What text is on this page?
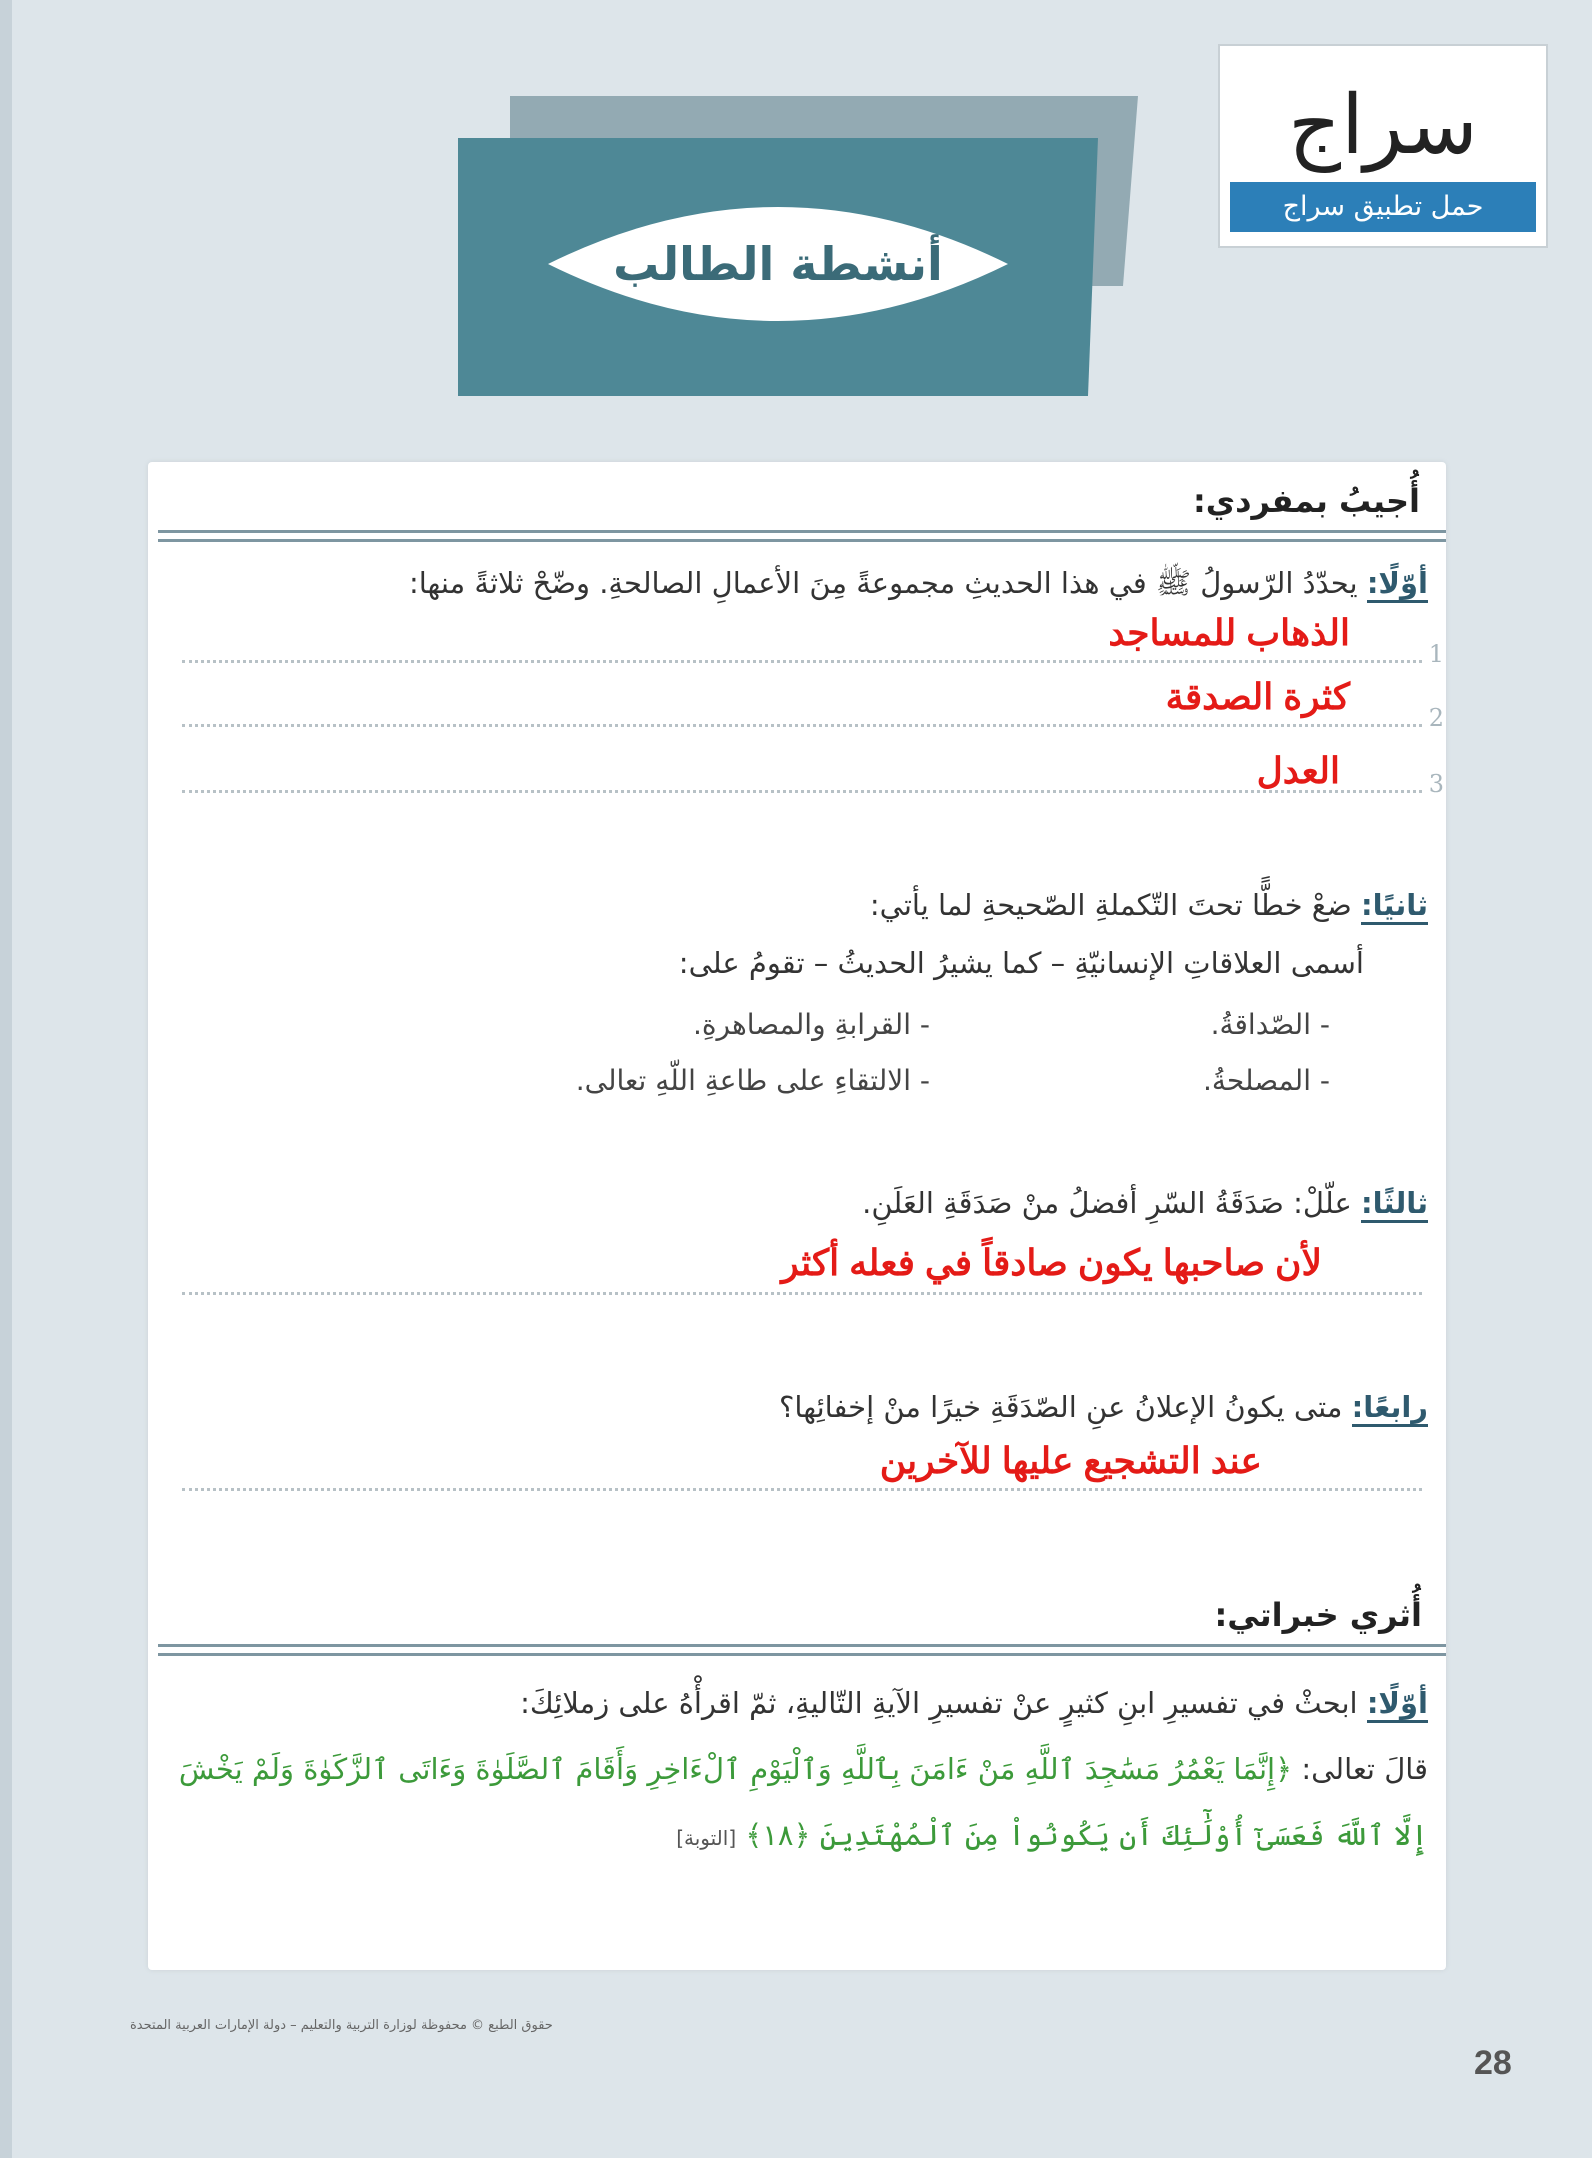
سراج
حمل تطبيق سراج
أنشطة الطالب
أُجيبُ بمفردي:
أوّلًا: يحدّدُ الرّسولُ ﷺ في هذا الحديثِ مجموعةً مِنَ الأعمالِ الصالحةِ. وضّحْ ثلاثةً منها:
الذهاب للمساجد
1
كثرة الصدقة
2
العدل	3
ثانيًا: ضعْ خطًّا تحتَ التّكملةِ الصّحيحةِ لما يأتي:
أسمى العلاقاتِ الإنسانيّةِ – كما يشيرُ الحديثُ – تقومُ على:
- الصّداقةُ.
- القرابةِ والمصاهرةِ.
- المصلحةُ.
- الالتقاءِ على طاعةِ اللّهِ تعالى.
ثالثًا: علّلْ: صَدَقَةُ السّرِ أفضلُ منْ صَدَقَةِ العَلَنِ.
لأن صاحبها يكون صادقاً في فعله أكثر
رابعًا: متى يكونُ الإعلانُ عنِ الصّدَقَةِ خيرًا منْ إخفائِها؟
عند التشجيع عليها للآخرين
أُثري خبراتي:
أوّلًا: ابحثْ في تفسيرِ ابنِ كثيرٍ عنْ تفسيرِ الآيةِ التّاليةِ، ثمّ اقرأْهُ على زملائِكَ:
قالَ تعالى: ﴿إِنَّمَا يَعْمُرُ مَسَٰجِدَ ٱللَّهِ مَنْ ءَامَنَ بِٱللَّهِ وَٱلْيَوْمِ ٱلْءَاخِرِ وَأَقَامَ ٱلصَّلَوٰةَ وَءَاتَى ٱلزَّكَوٰةَ وَلَمْ يَخْشَ
إِلَّا ٱللَّهَ فَعَسَىٰٓ أُوْلَٰٓئِكَ أَن يَكُونُواْ مِنَ ٱلْمُهْتَدِينَ ﴿١٨﴾ [التوبة]
حقوق الطبع © محفوظة لوزارة التربية والتعليم – دولة الإمارات العربية المتحدة
28
